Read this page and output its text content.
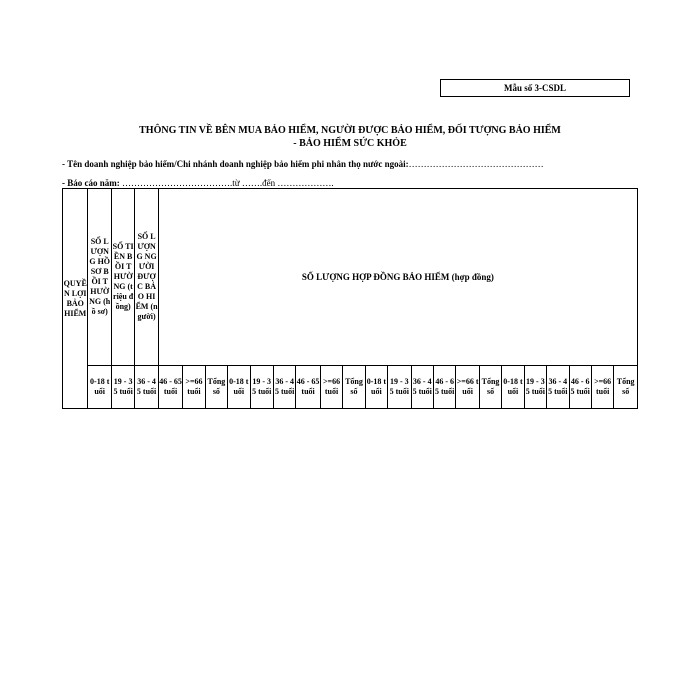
Mẫu số 3-CSDL
THÔNG TIN VỀ BÊN MUA BẢO HIỂM, NGƯỜI ĐƯỢC BẢO HIỂM, ĐỐI TƯỢNG BẢO HIỂM
- BẢO HIỂM SỨC KHỎE
- Tên doanh nghiệp bảo hiểm/Chi nhánh doanh nghiệp bảo hiểm phi nhân thọ nước ngoài:………………………………………
- Báo cáo năm: ……………………………….từ …….đến ……………….
QUYỀN LỢI BẢO HIỂM	SỐ LƯỢNG HỒ SƠ BỒI THƯỜNG (hồ sơ)	SỐ TIỀN BỒI THƯỜNG (triệu đồng)	SỐ LƯỢNG NGƯỜI ĐƯỢC BẢO HIỂM (người)	SỐ LƯỢNG HỢP ĐỒNG BẢO HIỂM (hợp đồng)																				
	0-18 tuổi	19 - 35 tuổi	36 - 45 tuổi	46 - 65 tuổi	>=66 tuổi	Tổng số	0-18 tuổi	19 - 35 tuổi	36 - 45 tuổi	46 - 65 tuổi	>=66 tuổi	Tổng số	0-18 tuổi	19 - 35 tuổi	36 - 45 tuổi	46 - 65 tuổi	>=66 tuổi	Tổng số	0-18 tuổi	19 - 35 tuổi	36 - 45 tuổi	46 - 65 tuổi	>=66 tuổi	Tổng số
